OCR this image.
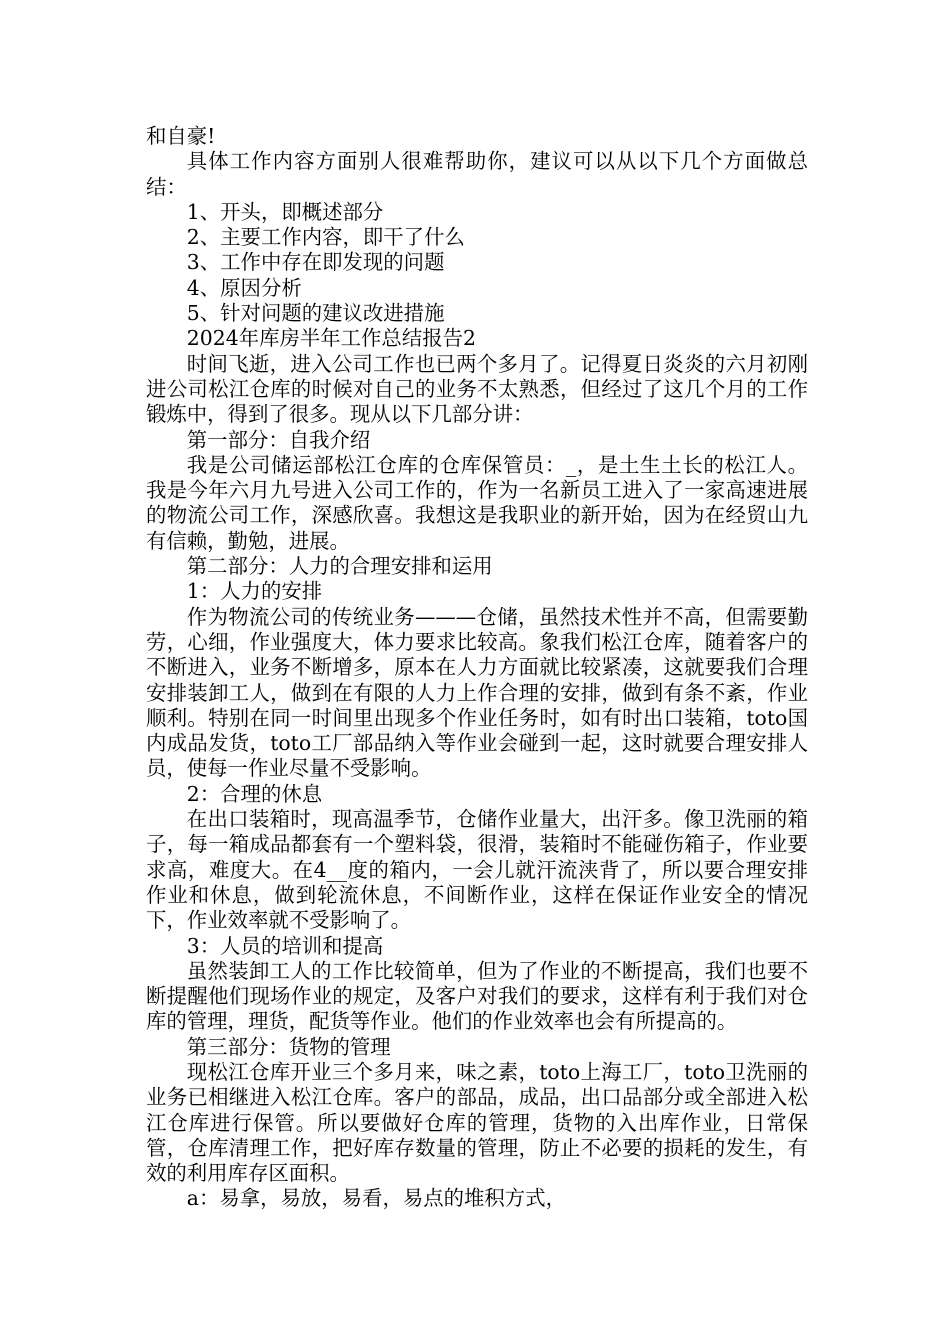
和自豪!

具体工作内容方面别人很难帮助你，建议可以从以下几个方面做总结：

1、开头，即概述部分

2、主要工作内容，即干了什么

3、工作中存在即发现的问题

4、原因分析

5、针对问题的建议改进措施

2024年库房半年工作总结报告2

时间飞逝，进入公司工作也已两个多月了。记得夏日炎炎的六月初刚进公司松江仓库的时候对自己的业务不太熟悉，但经过了这几个月的工作锻炼中，得到了很多。现从以下几部分讲：

第一部分：自我介绍

我是公司储运部松江仓库的仓库保管员：_，是土生土长的松江人。我是今年六月九号进入公司工作的，作为一名新员工进入了一家高速进展的物流公司工作，深感欣喜。我想这是我职业的新开始，因为在经贸山九有信赖，勤勉，进展。

第二部分：人力的合理安排和运用

1：人力的安排

作为物流公司的传统业务———仓储，虽然技术性并不高，但需要勤劳，心细，作业强度大，体力要求比较高。象我们松江仓库，随着客户的不断进入，业务不断增多，原本在人力方面就比较紧凑，这就要我们合理安排装卸工人，做到在有限的人力上作合理的安排，做到有条不紊，作业顺利。特别在同一时间里出现多个作业任务时，如有时出口装箱，toto国内成品发货，toto工厂部品纳入等作业会碰到一起，这时就要合理安排人员，使每一作业尽量不受影响。

2：合理的休息

在出口装箱时，现高温季节，仓储作业量大，出汗多。像卫洗丽的箱子，每一箱成品都套有一个塑料袋，很滑，装箱时不能碰伤箱子，作业要求高，难度大。在4__度的箱内，一会儿就汗流浃背了，所以要合理安排作业和休息，做到轮流休息，不间断作业，这样在保证作业安全的情况下，作业效率就不受影响了。

3：人员的培训和提高

虽然装卸工人的工作比较简单，但为了作业的不断提高，我们也要不断提醒他们现场作业的规定，及客户对我们的要求，这样有利于我们对仓库的管理，理货，配货等作业。他们的作业效率也会有所提高的。

第三部分：货物的管理

现松江仓库开业三个多月来，味之素，toto上海工厂，toto卫洗丽的业务已相继进入松江仓库。客户的部品，成品，出口品部分或全部进入松江仓库进行保管。所以要做好仓库的管理，货物的入出库作业，日常保管，仓库清理工作，把好库存数量的管理，防止不必要的损耗的发生，有效的利用库存区面积。

a：易拿，易放，易看，易点的堆积方式，
